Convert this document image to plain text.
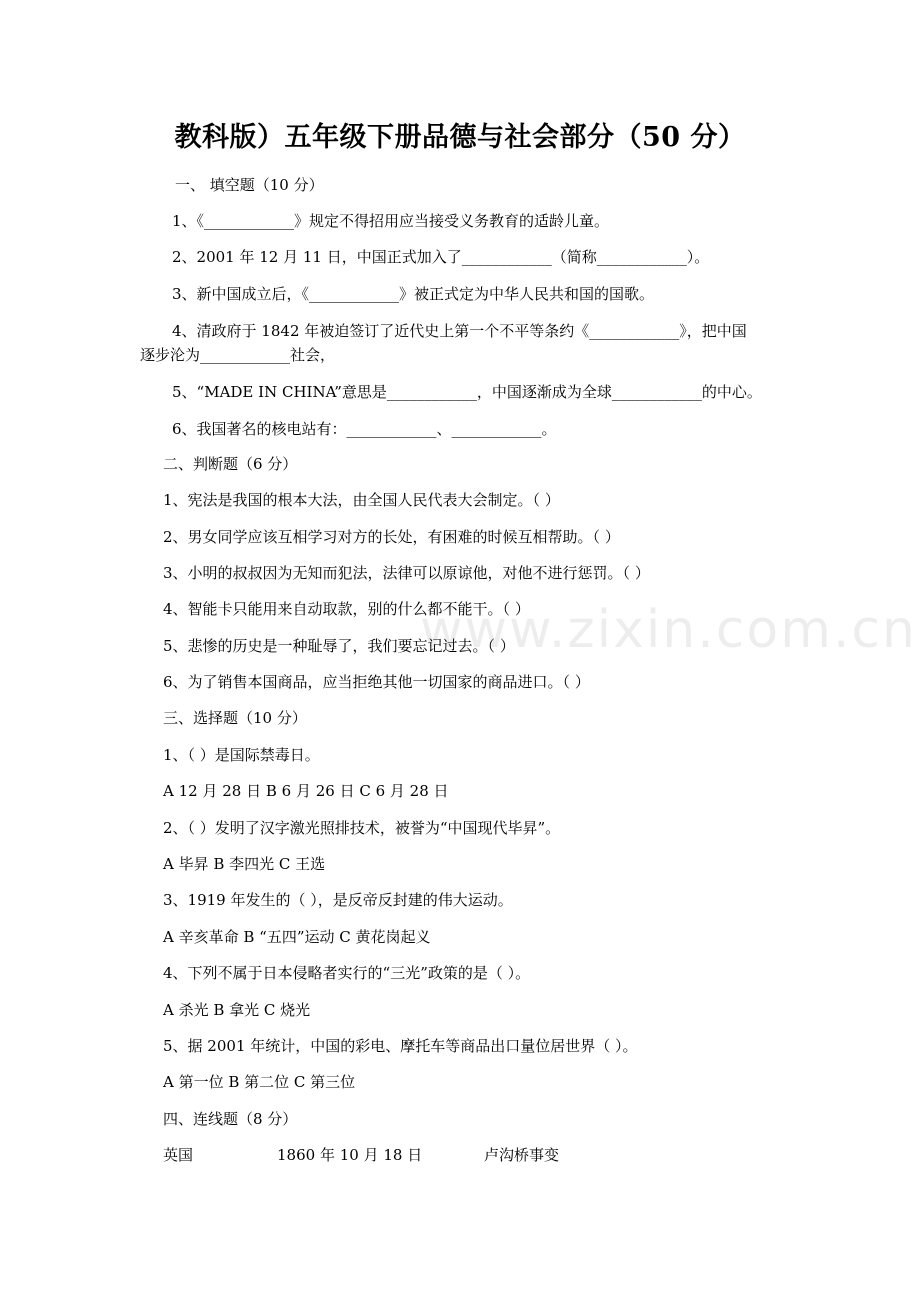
教科版）五年级下册品德与社会部分（50 分）
www.zixin.com.cn
一、 填空题（10 分）
1、《____________》规定不得招用应当接受义务教育的适龄儿童。
2、2001 年 12 月 11 日，中国正式加入了____________（简称____________）。
3、新中国成立后，《____________》被正式定为中华人民共和国的国歌。
4、清政府于 1842 年被迫签订了近代史上第一个不平等条约《____________》，把中国
逐步沦为____________社会，
5、“MADE IN CHINA”意思是____________，中国逐渐成为全球____________的中心。
6、我国著名的核电站有：____________、____________。
二、判断题（6 分）
1、宪法是我国的根本大法，由全国人民代表大会制定。（ ）
2、男女同学应该互相学习对方的长处，有困难的时候互相帮助。（ ）
3、小明的叔叔因为无知而犯法，法律可以原谅他，对他不进行惩罚。（ ）
4、智能卡只能用来自动取款，别的什么都不能干。（ ）
5、悲惨的历史是一种耻辱了，我们要忘记过去。（ ）
6、为了销售本国商品，应当拒绝其他一切国家的商品进口。（ ）
三、选择题（10 分）
1、（ ）是国际禁毒日。
A 12 月 28 日 B 6 月 26 日 C 6 月 28 日
2、（ ）发明了汉字激光照排技术，被誉为“中国现代毕昇”。
A 毕昇 B 李四光 C 王选
3、1919 年发生的（ ），是反帝反封建的伟大运动。
A 辛亥革命 B “五四”运动 C 黄花岗起义
4、下列不属于日本侵略者实行的“三光”政策的是（ ）。
A 杀光 B 拿光 C 烧光
5、据 2001 年统计，中国的彩电、摩托车等商品出口量位居世界（ ）。
A 第一位 B 第二位 C 第三位
四、连线题（8 分）
英国	1860 年 10 月 18 日	卢沟桥事变
